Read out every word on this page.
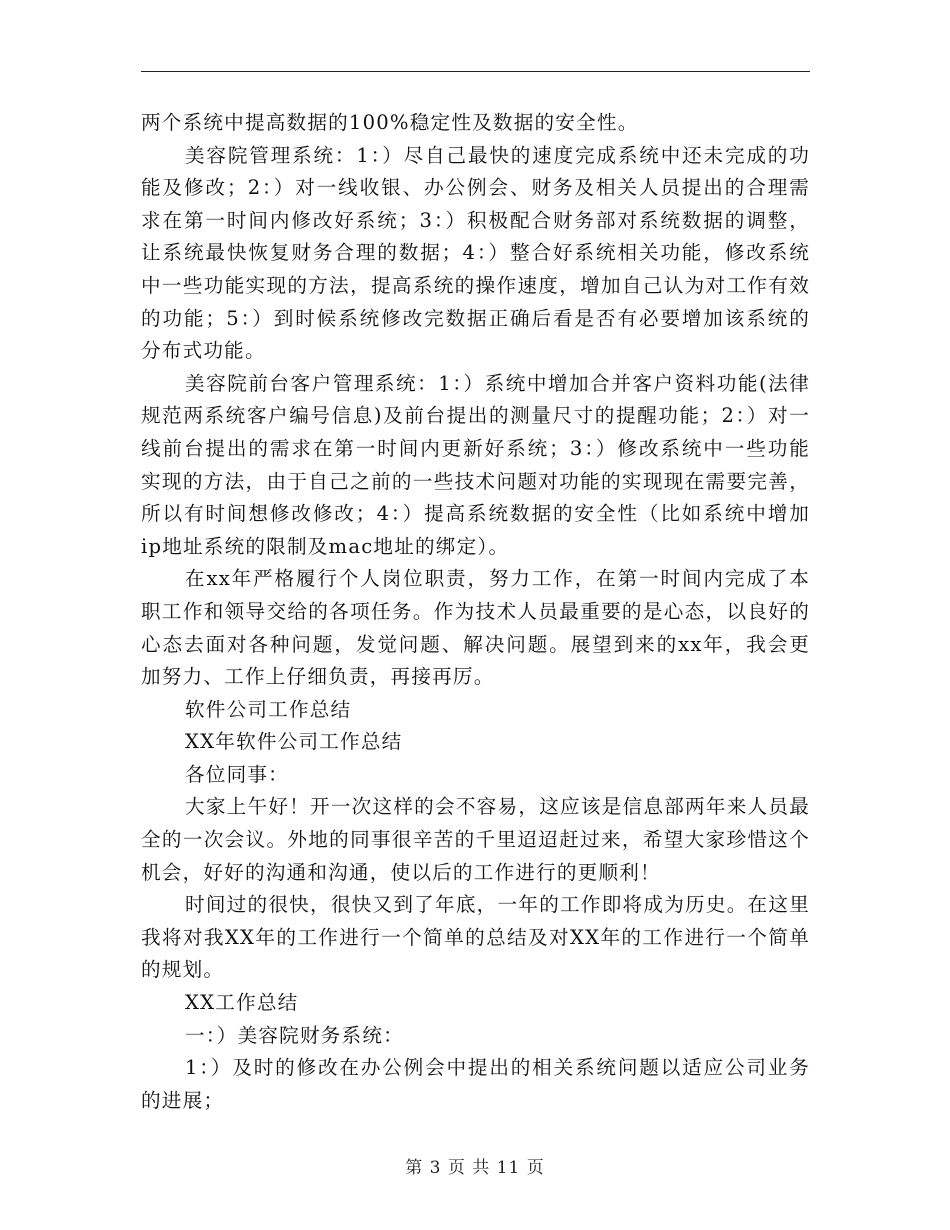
两个系统中提高数据的100%稳定性及数据的安全性。

美容院管理系统：1：）尽自己最快的速度完成系统中还未完成的功能及修改；2：）对一线收银、办公例会、财务及相关人员提出的合理需求在第一时间内修改好系统；3：）积极配合财务部对系统数据的调整，让系统最快恢复财务合理的数据；4：）整合好系统相关功能，修改系统中一些功能实现的方法，提高系统的操作速度，增加自己认为对工作有效的功能；5：）到时候系统修改完数据正确后看是否有必要增加该系统的分布式功能。

美容院前台客户管理系统：1：）系统中增加合并客户资料功能(法律规范两系统客户编号信息)及前台提出的测量尺寸的提醒功能；2：）对一线前台提出的需求在第一时间内更新好系统；3：）修改系统中一些功能实现的方法，由于自己之前的一些技术问题对功能的实现现在需要完善，所以有时间想修改修改；4：）提高系统数据的安全性（比如系统中增加ip地址系统的限制及mac地址的绑定）。

在xx年严格履行个人岗位职责，努力工作，在第一时间内完成了本职工作和领导交给的各项任务。作为技术人员最重要的是心态，以良好的心态去面对各种问题，发觉问题、解决问题。展望到来的xx年，我会更加努力、工作上仔细负责，再接再厉。

软件公司工作总结

XX年软件公司工作总结

各位同事：

大家上午好！开一次这样的会不容易，这应该是信息部两年来人员最全的一次会议。外地的同事很辛苦的千里迢迢赶过来，希望大家珍惜这个机会，好好的沟通和沟通，使以后的工作进行的更顺利！

时间过的很快，很快又到了年底，一年的工作即将成为历史。在这里我将对我XX年的工作进行一个简单的总结及对XX年的工作进行一个简单的规划。

XX工作总结

一：）美容院财务系统：

1：）及时的修改在办公例会中提出的相关系统问题以适应公司业务的进展；

第 3 页 共 11 页
